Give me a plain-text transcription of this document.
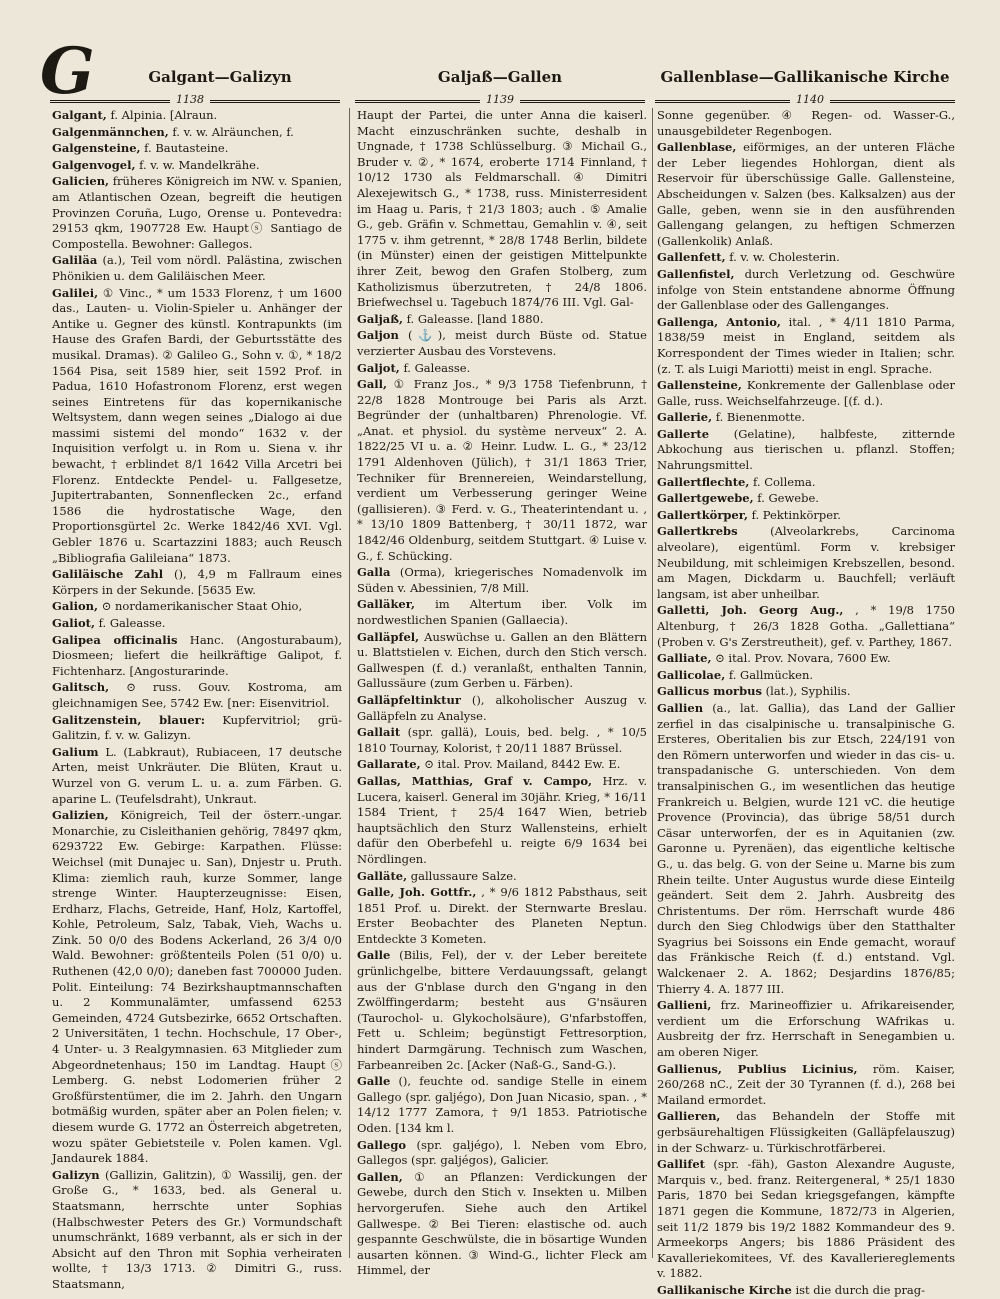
G	Galgant—Galizyn	Galjaß—Gallen	Gallenblase—Gallikanische Kirche
1138	1139	1140

Galgant, f. Alpinia. [Alraun.

Galgenmännchen, f. v. w. Alräunchen, f.

Galgensteine, f. Bautasteine.

Galgenvogel, f. v. w. Mandelkrähe.

Galicien, früheres Königreich im NW. v. Spanien, am Atlantischen Ozean, begreift die heutigen Provinzen Coruña, Lugo, Orense u. Pontevedra: 29153 qkm, 1907728 Ew. Hauptⓢ Santiago de Compostella. Bewohner: Gallegos.

Galiläa (a.), Teil vom nördl. Palästina, zwischen Phönikien u. dem Galiläischen Meer.

Galilei, ① Vinc., * um 1533 Florenz, † um 1600 das., Lauten- u. Violin-Spieler u. Anhänger der Antike u. Gegner des künstl. Kontrapunkts (im Hause des Grafen Bardi, der Geburtsstätte des musikal. Dramas). ② Galileo G., Sohn v. ①, * 18/2 1564 Pisa, seit 1589 hier, seit 1592 Prof. in Padua, 1610 Hofastronom Florenz, erst wegen seines Eintretens für das kopernikanische Weltsystem, dann wegen seines „Dialogo ai due massimi sistemi del mondo“ 1632 v. der Inquisition verfolgt u. in Rom u. Siena v. ihr bewacht, † erblindet 8/1 1642 Villa Arcetri bei Florenz. Entdeckte Pendel- u. Fallgesetze, Jupitertrabanten, Sonnenflecken 2c., erfand 1586 die hydrostatische Wage, den Proportionsgürtel 2c. Werke 1842/46 XVI. Vgl. Gebler 1876 u. Scartazzini 1883; auch Reusch „Bibliografia Galileiana“ 1873.

Galiläische Zahl (), 4,9 m Fallraum eines Körpers in der Sekunde. [5635 Ew.

Galion, ⊙ nordamerikanischer Staat Ohio,

Galiot, f. Galeasse.

Galipea officinalis Hanc. (Angosturabaum), Diosmeen; liefert die heilkräftige Galipot, f. Fichtenharz. [Angosturarinde.

Galitsch, ⊙ russ. Gouv. Kostroma, am gleichnamigen See, 5742 Ew. [ner: Eisenvitriol.

Galitzenstein, blauer: Kupfervitriol; grü- Galitzin, f. v. w. Galizyn.

Galium L. (Labkraut), Rubiaceen, 17 deutsche Arten, meist Unkräuter. Die Blüten, Kraut u. Wurzel von G. verum L. u. a. zum Färben. G. aparine L. (Teufelsdraht), Unkraut.

Galizien, Königreich, Teil der österr.-ungar. Monarchie, zu Cisleithanien gehörig, 78497 qkm, 6293722 Ew. Gebirge: Karpathen. Flüsse: Weichsel (mit Dunajec u. San), Dnjestr u. Pruth. Klima: ziemlich rauh, kurze Sommer, lange strenge Winter. Haupterzeugnisse: Eisen, Erdharz, Flachs, Getreide, Hanf, Holz, Kartoffel, Kohle, Petroleum, Salz, Tabak, Vieh, Wachs u. Zink. 50 0/0 des Bodens Ackerland, 26 3/4 0/0 Wald. Bewohner: größtenteils Polen (51 0/0) u. Ruthenen (42,0 0/0); daneben fast 700000 Juden. Polit. Einteilung: 74 Bezirkshauptmannschaften u. 2 Kommunalämter, umfassend 6253 Gemeinden, 4724 Gutsbezirke, 6652 Ortschaften. 2 Universitäten, 1 techn. Hochschule, 17 Ober-, 4 Unter- u. 3 Realgymnasien. 63 Mitglieder zum Abgeordnetenhaus; 150 im Landtag. Hauptⓢ Lemberg. G. nebst Lodomerien früher 2 Großfürstentümer, die im 2. Jahrh. den Ungarn botmäßig wurden, später aber an Polen fielen; v. diesem wurde G. 1772 an Österreich abgetreten, wozu später Gebietsteile v. Polen kamen. Vgl. Jandaurek 1884.

Galizyn (Gallizin, Galitzin), ① Wassilij, gen. der Große G., * 1633, bed. als General u. Staatsmann, herrschte unter Sophias (Halbschwester Peters des Gr.) Vormundschaft unumschränkt, 1689 verbannt, als er sich in der Absicht auf den Thron mit Sophia verheiraten wollte, † 13/3 1713. ② Dimitri G., russ. Staatsmann,

Haupt der Partei, die unter Anna die kaiserl. Macht einzuschränken suchte, deshalb in Ungnade, † 1738 Schlüsselburg. ③ Michail G., Bruder v. ②, * 1674, eroberte 1714 Finnland, † 10/12 1730 als Feldmarschall. ④ Dimitri Alexejewitsch G., * 1738, russ. Ministerresident im Haag u. Paris, † 21/3 1803; auch . ⑤ Amalie G., geb. Gräfin v. Schmettau, Gemahlin v. ④, seit 1775 v. ihm getrennt, * 28/8 1748 Berlin, bildete (in Münster) einen der geistigen Mittelpunkte ihrer Zeit, bewog den Grafen Stolberg, zum Katholizismus überzutreten, † 24/8 1806. Briefwechsel u. Tagebuch 1874/76 III. Vgl. Gal-

Galjaß, f. Galeasse. [land 1880.

Galjon (⚓), meist durch Büste od. Statue verzierter Ausbau des Vorstevens.

Galjot, f. Galeasse.

Gall, ① Franz Jos., * 9/3 1758 Tiefenbrunn, † 22/8 1828 Montrouge bei Paris als Arzt. Begründer der (unhaltbaren) Phrenologie. Vf. „Anat. et physiol. du système nerveux“ 2. A. 1822/25 VI u. a. ② Heinr. Ludw. L. G., * 23/12 1791 Aldenhoven (Jülich), † 31/1 1863 Trier, Techniker für Brennereien, Weindarstellung, verdient um Verbesserung geringer Weine (gallisieren). ③ Ferd. v. G., Theaterintendant u. , * 13/10 1809 Battenberg, † 30/11 1872, war 1842/46 Oldenburg, seitdem Stuttgart. ④ Luise v. G., f. Schücking.

Galla (Orma), kriegerisches Nomadenvolk im Süden v. Abessinien, 7/8 Mill.

Galläker, im Altertum iber. Volk im nordwestlichen Spanien (Gallaecia).

Galläpfel, Auswüchse u. Gallen an den Blättern u. Blattstielen v. Eichen, durch den Stich versch. Gallwespen (f. d.) veranlaßt, enthalten Tannin, Gallussäure (zum Gerben u. Färben).

Galläpfeltinktur (), alkoholischer Auszug v. Galläpfeln zu Analyse.

Gallait (spr. gallä), Louis, bed. belg. , * 10/5 1810 Tournay, Kolorist, † 20/11 1887 Brüssel.

Gallarate, ⊙ ital. Prov. Mailand, 8442 Ew. E.

Gallas, Matthias, Graf v. Campo, Hrz. v. Lucera, kaiserl. General im 30jähr. Krieg, * 16/11 1584 Trient, † 25/4 1647 Wien, betrieb hauptsächlich den Sturz Wallensteins, erhielt dafür den Oberbefehl u. reigte 6/9 1634 bei Nördlingen.

Galläte, gallussaure Salze.

Galle, Joh. Gottfr., , * 9/6 1812 Pabsthaus, seit 1851 Prof. u. Direkt. der Sternwarte Breslau. Erster Beobachter des Planeten Neptun. Entdeckte 3 Kometen.

Galle (Bilis, Fel), der v. der Leber bereitete grünlichgelbe, bittere Verdauungssaft, gelangt aus der G'nblase durch den G'ngang in den Zwölffingerdarm; besteht aus G'nsäuren (Taurochol- u. Glykocholsäure), G'nfarbstoffen, Fett u. Schleim; begünstigt Fettresorption, hindert Darmgärung. Technisch zum Waschen, Farbeanreiben 2c. [Acker (Naß-G., Sand-G.).

Galle (), feuchte od. sandige Stelle in einem Gallego (spr. galjégo), Don Juan Nicasio, span. , * 14/12 1777 Zamora, † 9/1 1853. Patriotische Oden. [134 km l.

Gallego (spr. galjégo), l. Neben vom Ebro, Gallegos (spr. galjégos), Galicier.

Gallen, ① an Pflanzen: Verdickungen der Gewebe, durch den Stich v. Insekten u. Milben hervorgerufen. Siehe auch den Artikel Gallwespe. ② Bei Tieren: elastische od. auch gespannte Geschwülste, die in bösartige Wunden ausarten können. ③ Wind-G., lichter Fleck am Himmel, der

Sonne gegenüber. ④ Regen- od. Wasser-G., unausgebildeter Regenbogen.

Gallenblase, eiförmiges, an der unteren Fläche der Leber liegendes Hohlorgan, dient als Reservoir für überschüssige Galle. Gallensteine, Abscheidungen v. Salzen (bes. Kalksalzen) aus der Galle, geben, wenn sie in den ausführenden Gallengang gelangen, zu heftigen Schmerzen (Gallenkolik) Anlaß.

Gallenfett, f. v. w. Cholesterin.

Gallenfistel, durch Verletzung od. Geschwüre infolge von Stein entstandene abnorme Öffnung der Gallenblase oder des Gallenganges.

Gallenga, Antonio, ital. , * 4/11 1810 Parma, 1838/59 meist in England, seitdem als Korrespondent der Times wieder in Italien; schr. (z. T. als Luigi Mariotti) meist in engl. Sprache.

Gallensteine, Konkremente der Gallenblase oder Galle, russ. Weichselfahrzeuge. [(f. d.).

Gallerie, f. Bienenmotte.

Gallerte (Gelatine), halbfeste, zitternde Abkochung aus tierischen u. pflanzl. Stoffen; Nahrungsmittel.

Gallertflechte, f. Collema.

Gallertgewebe, f. Gewebe.

Gallertkörper, f. Pektinkörper.

Gallertkrebs (Alveolarkrebs, Carcinoma alveolare), eigentüml. Form v. krebsiger Neubildung, mit schleimigen Krebszellen, besond. am Magen, Dickdarm u. Bauchfell; verläuft langsam, ist aber unheilbar.

Galletti, Joh. Georg Aug., , * 19/8 1750 Altenburg, † 26/3 1828 Gotha. „Gallettiana“ (Proben v. G's Zerstreutheit), gef. v. Parthey, 1867.

Galliate, ⊙ ital. Prov. Novara, 7600 Ew.

Gallicolae, f. Gallmücken.

Gallicus morbus (lat.), Syphilis.

Gallien (a., lat. Gallia), das Land der Gallier zerfiel in das cisalpinische u. transalpinische G. Ersteres, Oberitalien bis zur Etsch, 224/191 von den Römern unterworfen und wieder in das cis- u. transpadanische G. unterschieden. Von dem transalpinischen G., im wesentlichen das heutige Frankreich u. Belgien, wurde 121 vC. die heutige Provence (Provincia), das übrige 58/51 durch Cäsar unterworfen, der es in Aquitanien (zw. Garonne u. Pyrenäen), das eigentliche keltische G., u. das belg. G. von der Seine u. Marne bis zum Rhein teilte. Unter Augustus wurde diese Einteilg geändert. Seit dem 2. Jahrh. Ausbreitg des Christentums. Der röm. Herrschaft wurde 486 durch den Sieg Chlodwigs über den Statthalter Syagrius bei Soissons ein Ende gemacht, worauf das Fränkische Reich (f. d.) entstand. Vgl. Walckenaer 2. A. 1862; Desjardins 1876/85; Thierry 4. A. 1877 III.

Gallieni, frz. Marineoffizier u. Afrikareisender, verdient um die Erforschung WAfrikas u. Ausbreitg der frz. Herrschaft in Senegambien u. am oberen Niger.

Gallienus, Publius Licinius, röm. Kaiser, 260/268 nC., Zeit der 30 Tyrannen (f. d.), 268 bei Mailand ermordet.

Gallieren, das Behandeln der Stoffe mit gerbsäurehaltigen Flüssigkeiten (Galläpfelauszug) in der Schwarz- u. Türkischrotfärberei.

Gallifet (spr. -fäh), Gaston Alexandre Auguste, Marquis v., bed. franz. Reitergeneral, * 25/1 1830 Paris, 1870 bei Sedan kriegsgefangen, kämpfte 1871 gegen die Kommune, 1872/73 in Algerien, seit 11/2 1879 bis 19/2 1882 Kommandeur des 9. Armeekorps Angers; bis 1886 Präsident des Kavalleriekomitees, Vf. des Kavalleriereglements v. 1882.

Gallikanische Kirche ist die durch die prag-
